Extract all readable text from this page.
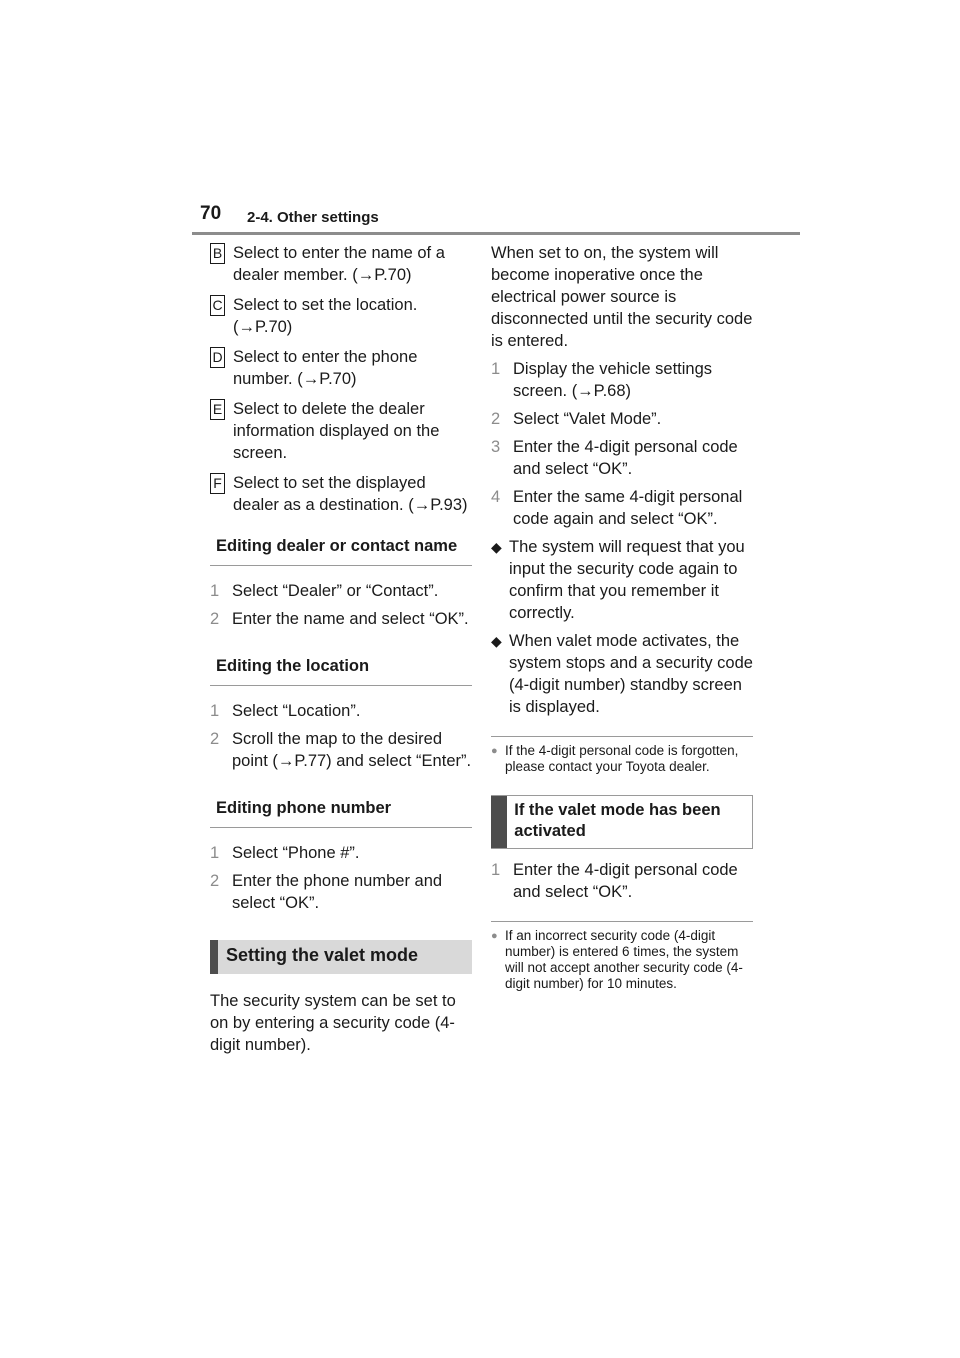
70 2-4. Other settings
B Select to enter the name of a dealer member. (→P.70)
C Select to set the location. (→P.70)
D Select to enter the phone number. (→P.70)
E Select to delete the dealer information displayed on the screen.
F Select to set the displayed dealer as a destination. (→P.93)
Editing dealer or contact name
1 Select “Dealer” or “Contact”.
2 Enter the name and select “OK”.
Editing the location
1 Select “Location”.
2 Scroll the map to the desired point (→P.77) and select “Enter”.
Editing phone number
1 Select “Phone #”.
2 Enter the phone number and select “OK”.
Setting the valet mode
The security system can be set to on by entering a security code (4-digit number).
When set to on, the system will become inoperative once the electrical power source is disconnected until the security code is entered.
1 Display the vehicle settings screen. (→P.68)
2 Select “Valet Mode”.
3 Enter the 4-digit personal code and select “OK”.
4 Enter the same 4-digit personal code again and select “OK”.
◆ The system will request that you input the security code again to confirm that you remember it correctly.
◆ When valet mode activates, the system stops and a security code (4-digit number) standby screen is displayed.
● If the 4-digit personal code is forgotten, please contact your Toyota dealer.
If the valet mode has been activated
1 Enter the 4-digit personal code and select “OK”.
● If an incorrect security code (4-digit number) is entered 6 times, the system will not accept another security code (4-digit number) for 10 minutes.
